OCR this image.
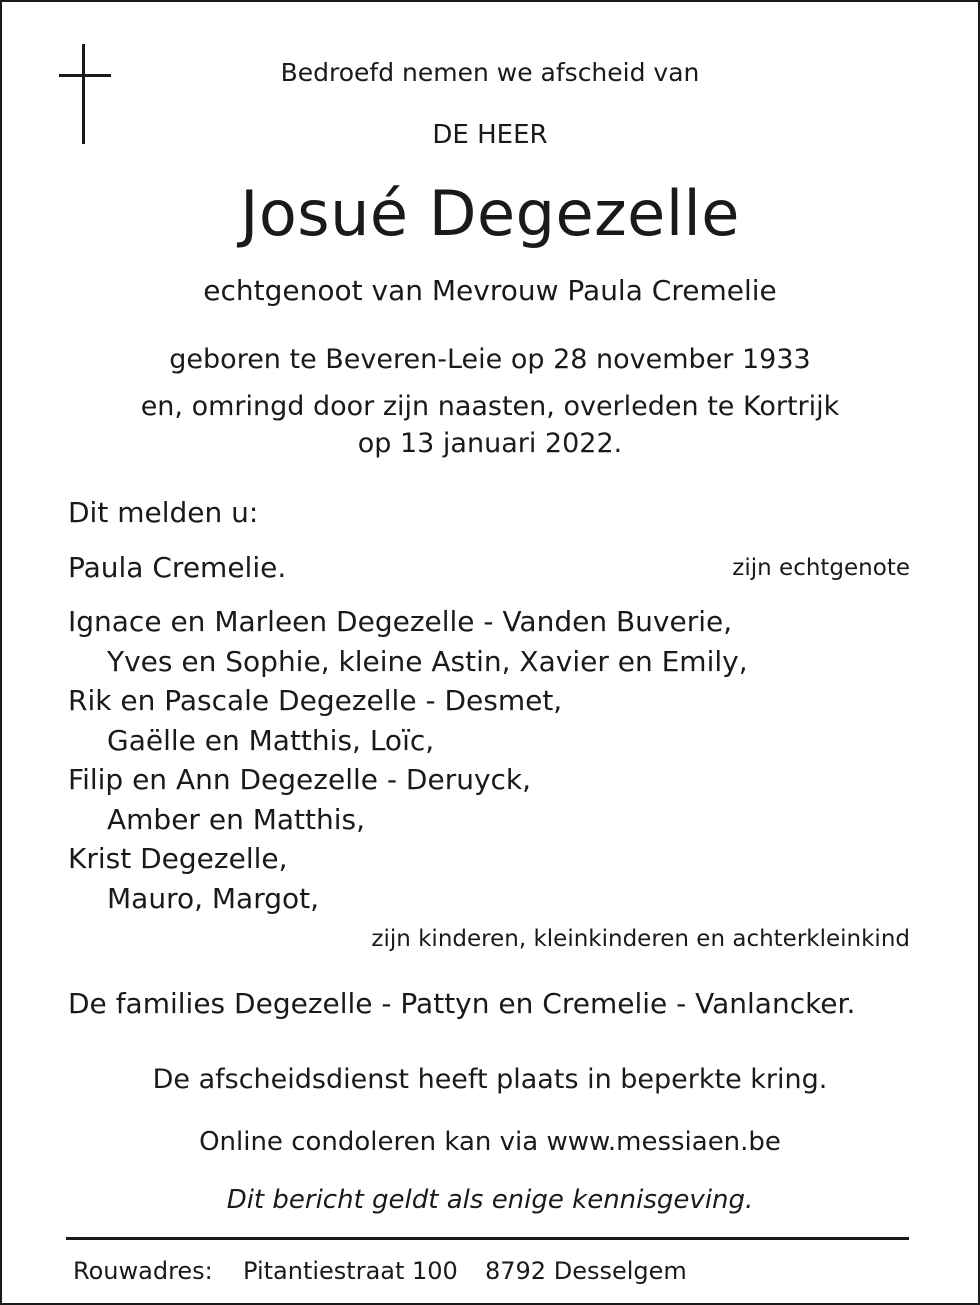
Bedroefd nemen we afscheid van
DE HEER
Josué Degezelle
echtgenoot van Mevrouw Paula Cremelie
geboren te Beveren-Leie op 28 november 1933
en, omringd door zijn naasten, overleden te Kortrijk
op 13 januari 2022.
Dit melden u:
Paula Cremelie.	zijn echtgenote
Ignace en Marleen Degezelle - Vanden Buverie,
Yves en Sophie, kleine Astin, Xavier en Emily,
Rik en Pascale Degezelle - Desmet,
Gaëlle en Matthis, Loïc,
Filip en Ann Degezelle - Deruyck,
Amber en Matthis,
Krist Degezelle,
Mauro, Margot,
zijn kinderen, kleinkinderen en achterkleinkind
De families Degezelle - Pattyn en Cremelie - Vanlancker.
De afscheidsdienst heeft plaats in beperkte kring.
Online condoleren kan via www.messiaen.be
Dit bericht geldt als enige kennisgeving.
Rouwadres: Pitantiestraat 100 8792 Desselgem
